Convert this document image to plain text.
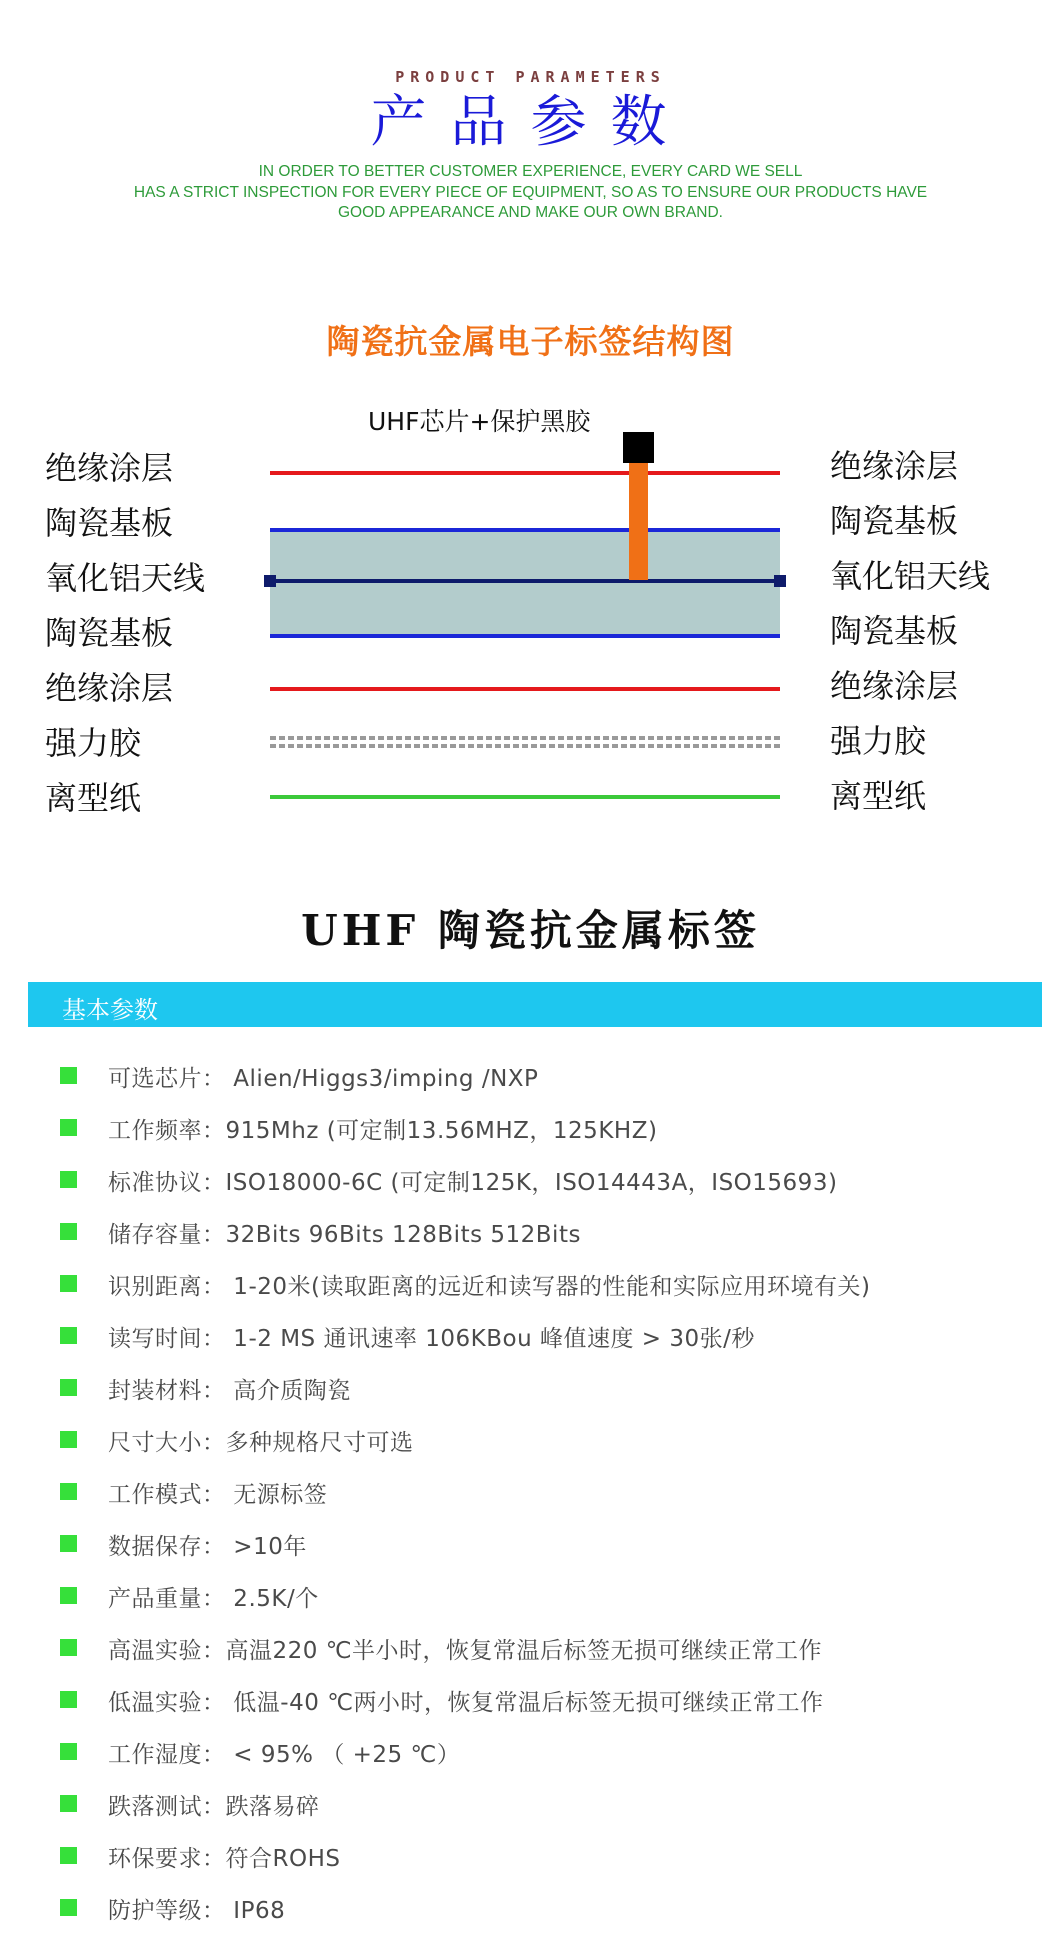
PRODUCT PARAMETERS
产品参数
IN ORDER TO BETTER CUSTOMER EXPERIENCE, EVERY CARD WE SELL
HAS A STRICT INSPECTION FOR EVERY PIECE OF EQUIPMENT, SO AS TO ENSURE OUR PRODUCTS HAVE
GOOD APPEARANCE AND MAKE OUR OWN BRAND.
陶瓷抗金属电子标签结构图
UHF芯片+保护黑胶
绝缘涂层
陶瓷基板
氧化铝天线
陶瓷基板
绝缘涂层
强力胶
离型纸
绝缘涂层
陶瓷基板
氧化铝天线
陶瓷基板
绝缘涂层
强力胶
离型纸
UHF 陶瓷抗金属标签
基本参数
可选芯片： Alien/Higgs3/imping /NXP
工作频率：915Mhz (可定制13.56MHZ，125KHZ)
标准协议：ISO18000-6C (可定制125K，ISO14443A，ISO15693)
储存容量：32Bits 96Bits 128Bits 512Bits
识别距离： 1-20米(读取距离的远近和读写器的性能和实际应用环境有关)
读写时间： 1-2 MS 通讯速率 106KBou 峰值速度 > 30张/秒
封装材料： 高介质陶瓷
尺寸大小：多种规格尺寸可选
工作模式： 无源标签
数据保存： >10年
产品重量： 2.5K/个
高温实验：高温220 ℃半小时，恢复常温后标签无损可继续正常工作
低温实验： 低温-40 ℃两小时，恢复常温后标签无损可继续正常工作
工作湿度： < 95% （ +25 ℃）
跌落测试：跌落易碎
环保要求：符合ROHS
防护等级： IP68
